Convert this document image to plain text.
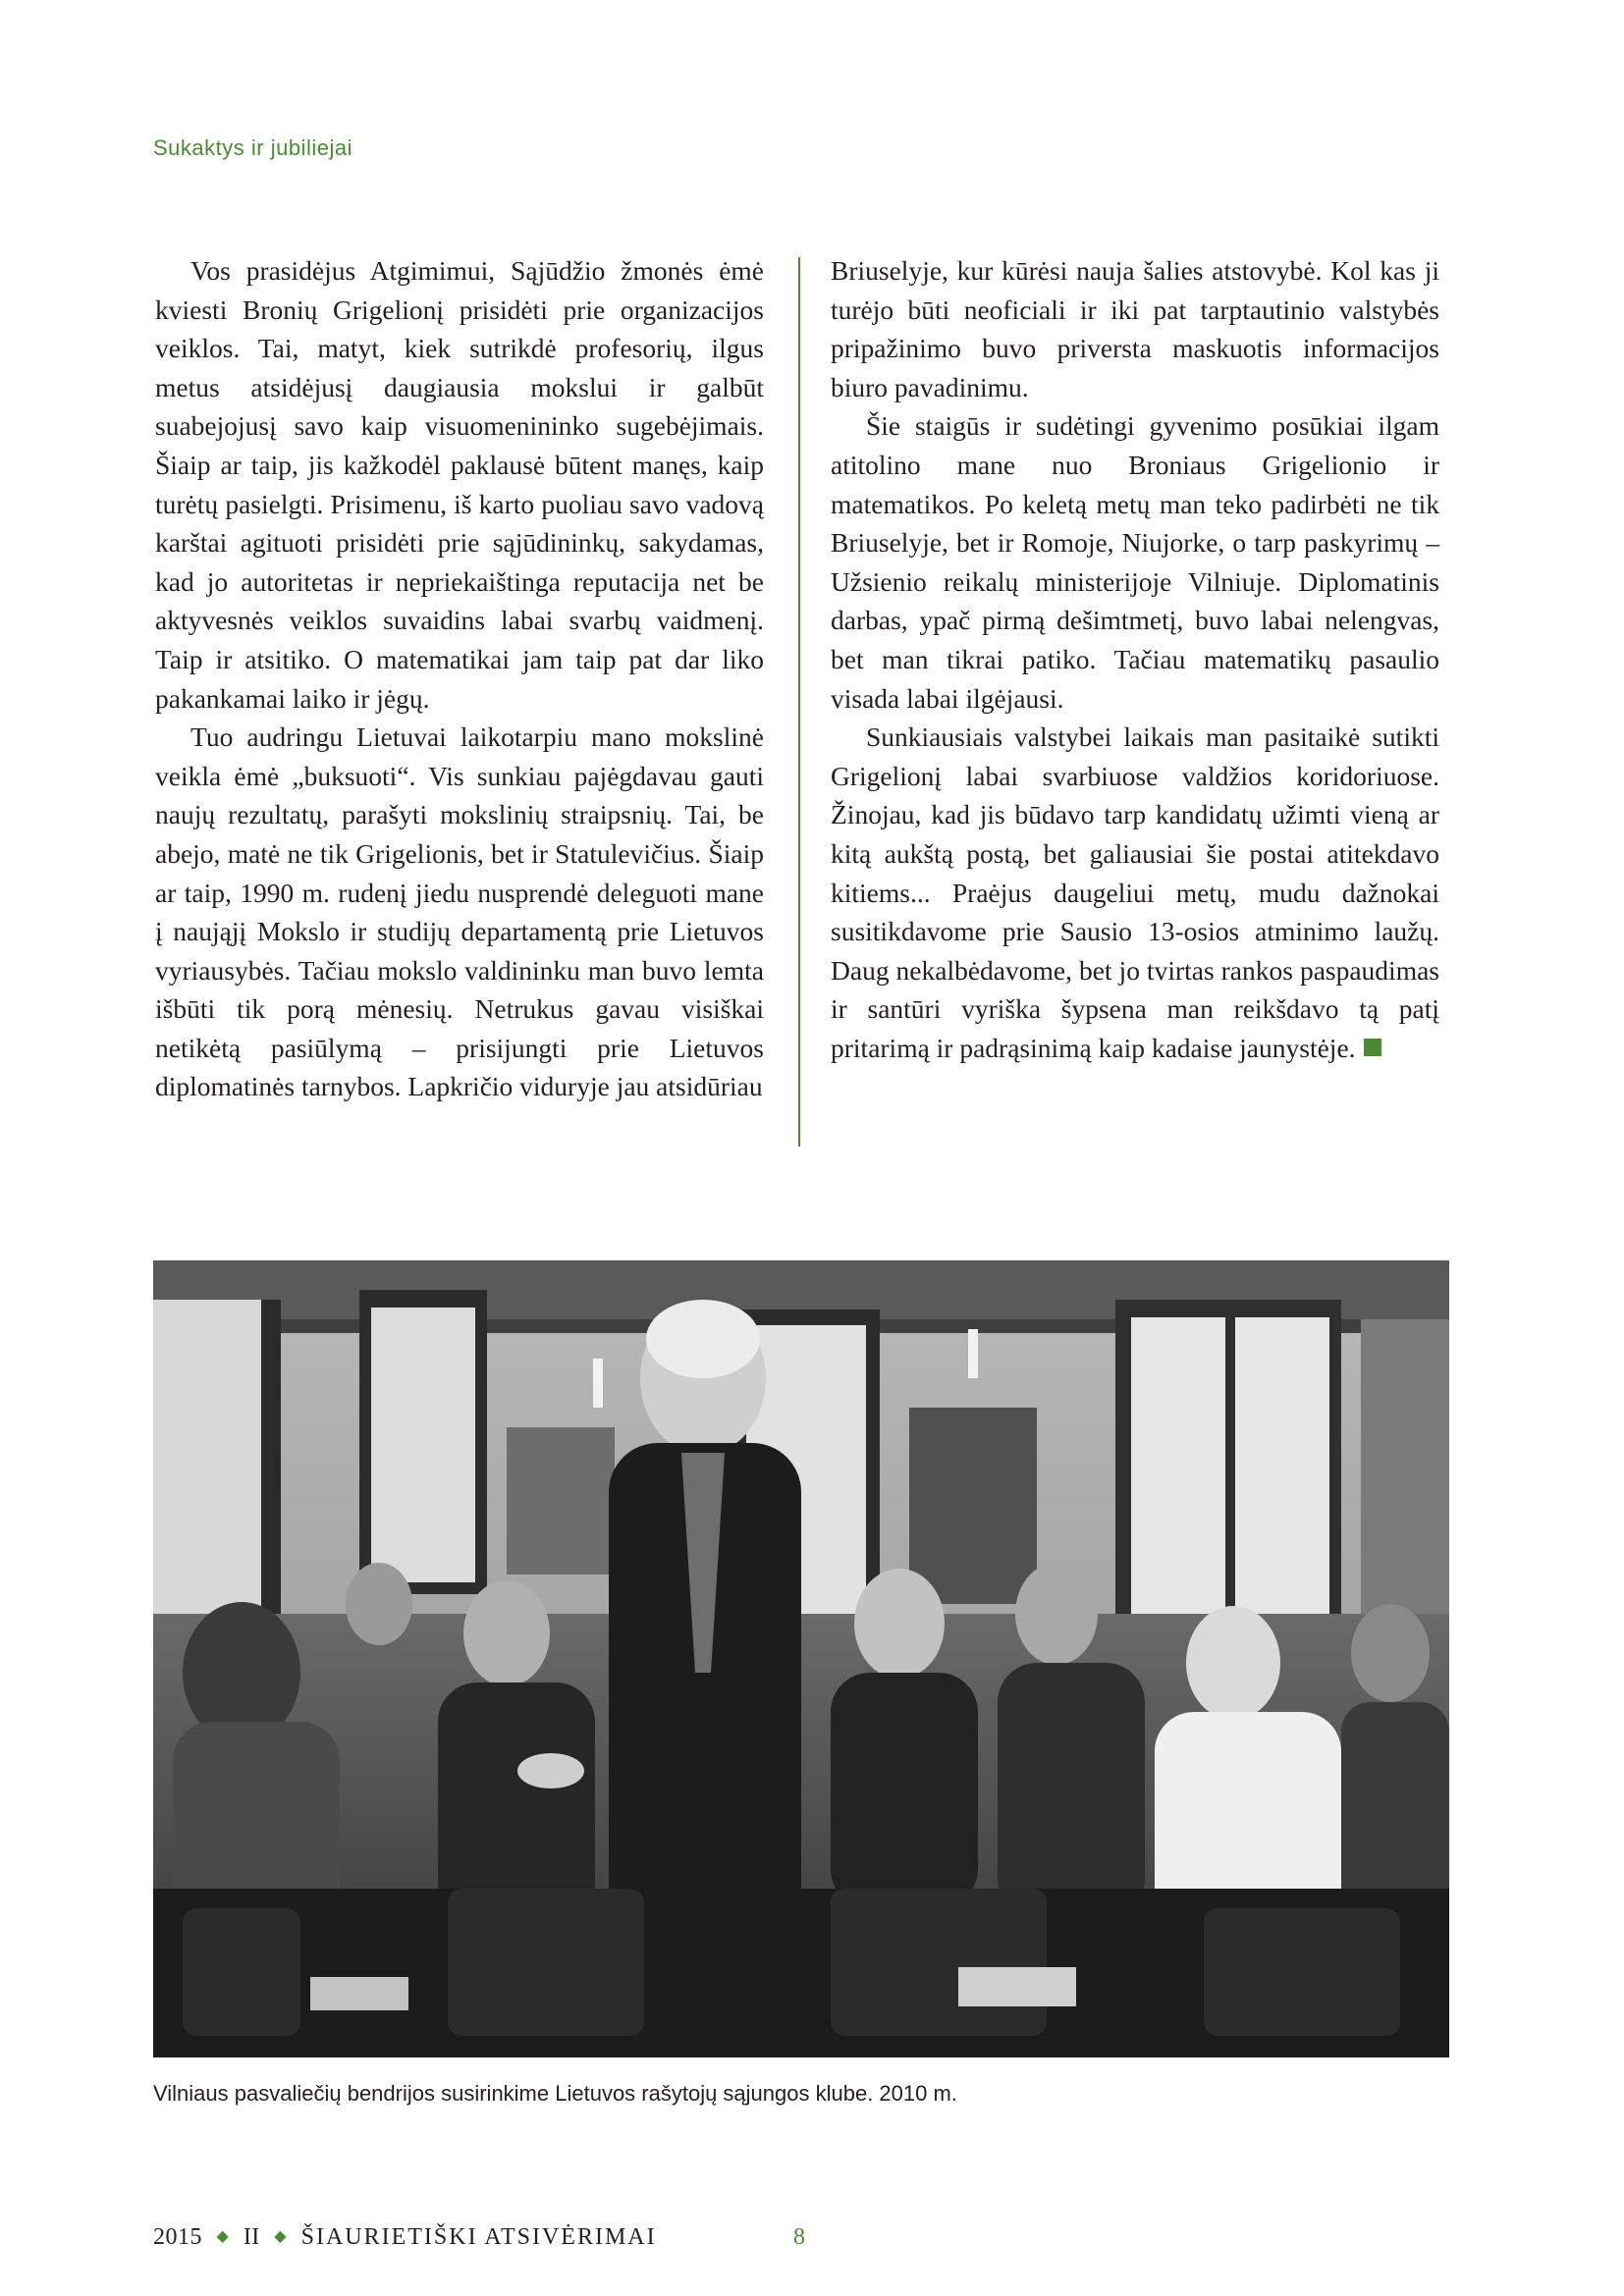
Sukaktys ir jubiliejai

Vos prasidėjus Atgimimui, Sąjūdžio žmonės ėmė kviesti Bronių Grigelionį prisidėti prie organizacijos veiklos. Tai, matyt, kiek sutrikdė profesorių, ilgus metus atsidėjusį daugiausia mokslui ir galbūt suabejojusį savo kaip visuomenininko sugebėjimais. Šiaip ar taip, jis kažkodėl paklausė būtent manęs, kaip turėtų pasielgti. Prisimenu, iš karto puoliau savo vadovą karštai agituoti prisidėti prie sąjūdininkų, sakydamas, kad jo autoritetas ir nepriekaištinga reputacija net be aktyvesnės veiklos suvaidins labai svarbų vaidmenį. Taip ir atsitiko. O matematikai jam taip pat dar liko pakankamai laiko ir jėgų.

Tuo audringu Lietuvai laikotarpiu mano mokslinė veikla ėmė „buksuoti“. Vis sunkiau pajėgdavau gauti naujų rezultatų, parašyti mokslinių straipsnių. Tai, be abejo, matė ne tik Grigelionis, bet ir Statulevičius. Šiaip ar taip, 1990 m. rudenį jiedu nusprendė deleguoti mane į naująjį Mokslo ir studijų departamentą prie Lietuvos vyriausybės. Tačiau mokslo valdininku man buvo lemta išbūti tik porą mėnesių. Netrukus gavau visiškai netikėtą pasiūlymą – prisijungti prie Lietuvos diplomatinės tarnybos. Lapkričio viduryje jau atsidūriau

Briuselyje, kur kūrėsi nauja šalies atstovybė. Kol kas ji turėjo būti neoficiali ir iki pat tarptautinio valstybės pripažinimo buvo priversta maskuotis informacijos biuro pavadinimu.

Šie staigūs ir sudėtingi gyvenimo posūkiai ilgam atitolino mane nuo Broniaus Grigelionio ir matematikos. Po keletą metų man teko padirbėti ne tik Briuselyje, bet ir Romoje, Niujorke, o tarp paskyrimų – Užsienio reikalų ministerijoje Vilniuje. Diplomatinis darbas, ypač pirmą dešimtmetį, buvo labai nelengvas, bet man tikrai patiko. Tačiau matematikų pasaulio visada labai ilgėjausi.

Sunkiausiais valstybei laikais man pasitaikė sutikti Grigelionį labai svarbiuose valdžios koridoriuose. Žinojau, kad jis būdavo tarp kandidatų užimti vieną ar kitą aukštą postą, bet galiausiai šie postai atitekdavo kitiems... Praėjus daugeliui metų, mudu dažnokai susitikdavome prie Sausio 13-osios atminimo laužų. Daug nekalbėdavome, bet jo tvirtas rankos paspaudimas ir santūri vyriška šypsena man reikšdavo tą patį pritarimą ir padrąsinimą kaip kadaise jaunystėje.

Vilniaus pasvaliečių bendrijos susirinkime Lietuvos rašytojų sąjungos klube. 2010 m.
2015 ◆ II ◆ ŠIAURIETIŠKI ATSIVĖRIMAI	8
